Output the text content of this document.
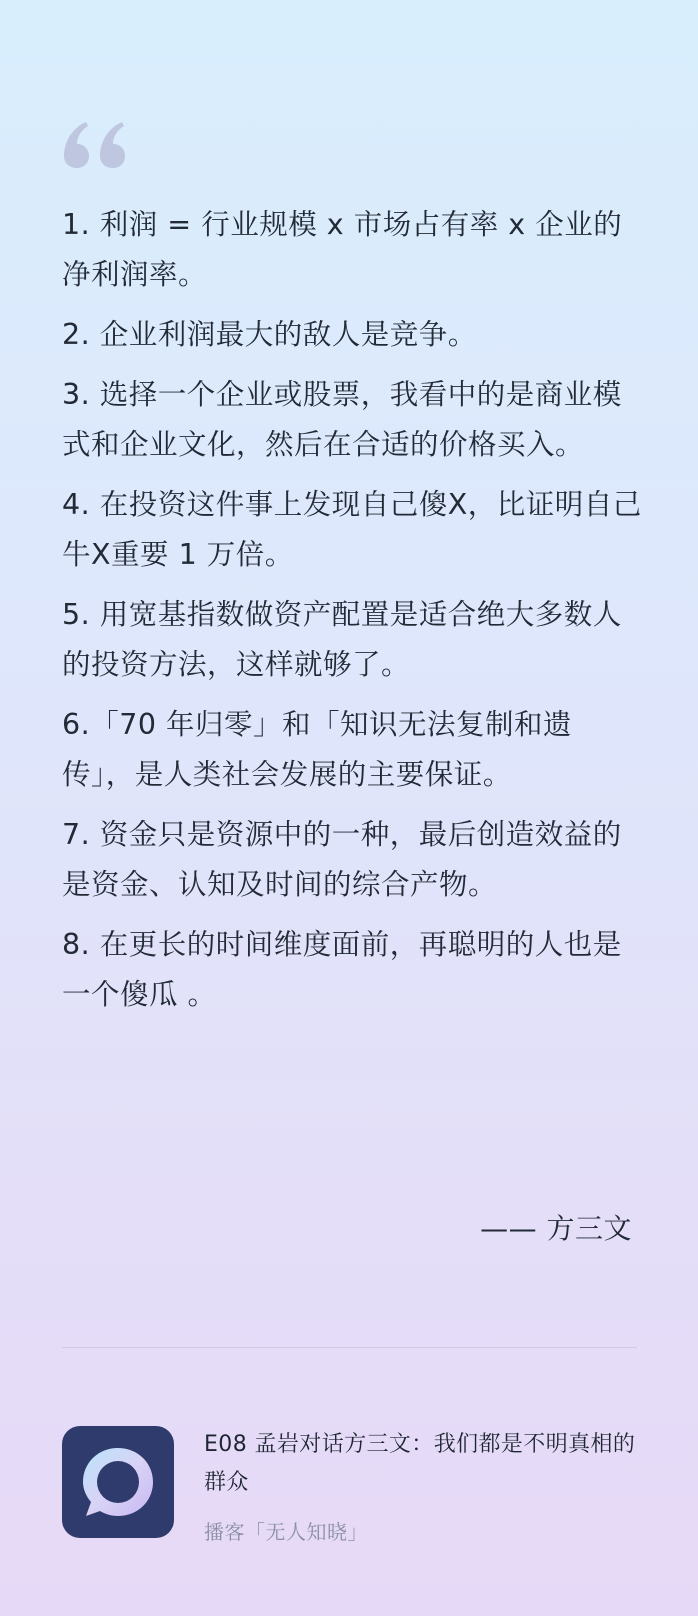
1. 利润 = 行业规模 x 市场占有率 x 企业的净利润率。

2. 企业利润最大的敌人是竞争。

3. 选择一个企业或股票，我看中的是商业模式和企业文化，然后在合适的价格买入。

4. 在投资这件事上发现自己傻X，比证明自己牛X重要 1 万倍。

5. 用宽基指数做资产配置是适合绝大多数人的投资方法，这样就够了。

6.「70 年归零」和「知识无法复制和遗传」，是人类社会发展的主要保证。

7. 资金只是资源中的一种，最后创造效益的是资金、认知及时间的综合产物。

8. 在更长的时间维度面前，再聪明的人也是一个傻瓜 。

—— 方三文
E08 孟岩对话方三文：我们都是不明真相的群众
播客「无人知晓」
